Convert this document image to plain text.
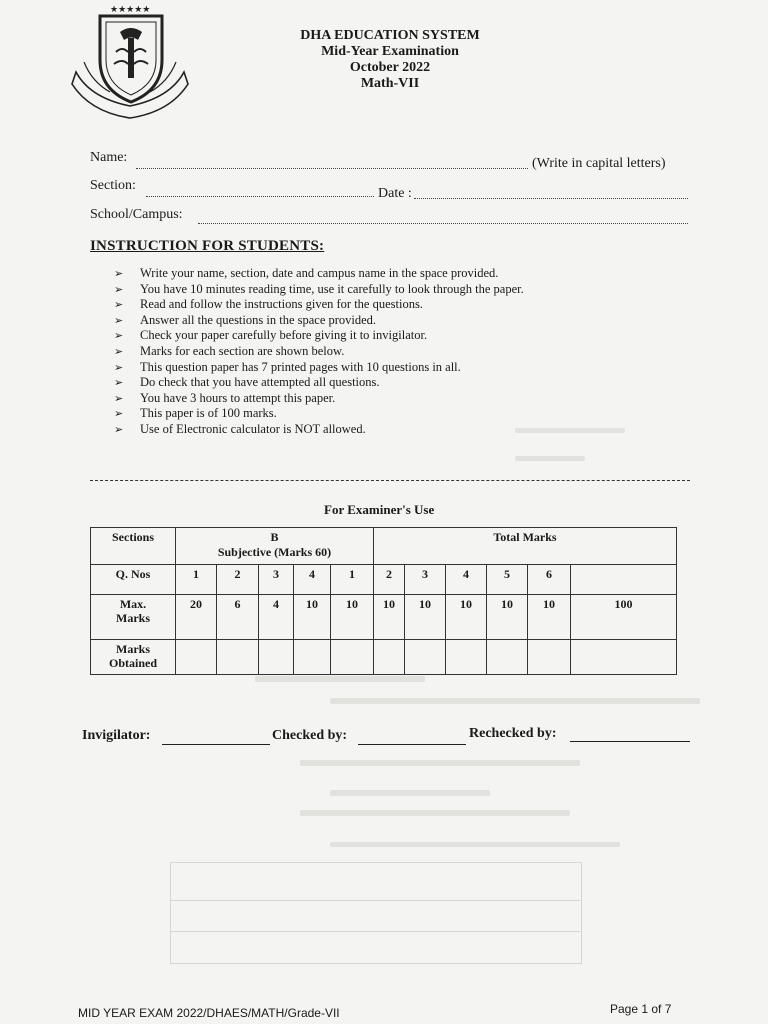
★★★★★
DHA EDUCATION SYSTEM
Mid-Year Examination
October 2022
Math-VII
Name:	(Write in capital letters)
Section:
Date :
School/Campus:
INSTRUCTION FOR STUDENTS:
➢ Write your name, section, date and campus name in the space provided.
➢ You have 10 minutes reading time, use it carefully to look through the paper.
➢ Read and follow the instructions given for the questions.
➢ Answer all the questions in the space provided.
➢ Check your paper carefully before giving it to invigilator.
➢ Marks for each section are shown below.
➢ This question paper has 7 printed pages with 10 questions in all.
➢ Do check that you have attempted all questions.
➢ You have 3 hours to attempt this paper.
➢ This paper is of 100 marks.
➢ Use of Electronic calculator is NOT allowed.
For Examiner's Use
Sections	B
Subjective (Marks 60)					Total Marks					
Q. Nos	1	2	3	4	1	2	3	4	5	6	

Max.
Marks	20	6	4	10	10	10	10	10	10	10	100

Marks
Obtained											

Invigilator:	Checked by:	Rechecked by:
MID YEAR EXAM 2022/DHAES/MATH/Grade-VII	Page 1 of 7
